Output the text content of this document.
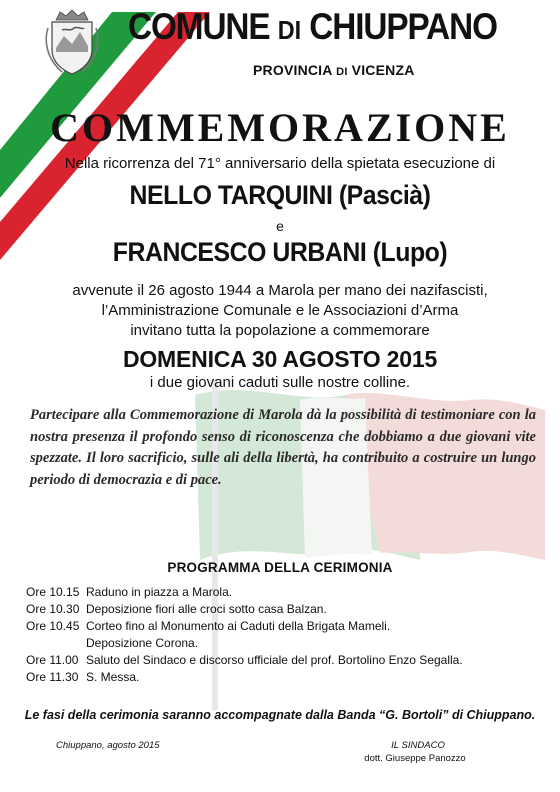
COMUNE DI CHIUPPANO
PROVINCIA DI VICENZA
COMMEMORAZIONE
Nella ricorrenza del 71° anniversario della spietata esecuzione di
NELLO TARQUINI (Pascià)
e
FRANCESCO URBANI (Lupo)
avvenute il 26 agosto 1944 a Marola per mano dei nazifascisti,
l’Amministrazione Comunale e le Associazioni d’Arma
invitano tutta la popolazione a commemorare
DOMENICA 30 AGOSTO 2015
i due giovani caduti sulle nostre colline.
Partecipare alla Commemorazione di Marola dà la possibilità di testimoniare con la nostra presenza il profondo senso di riconoscenza che dobbiamo a due giovani vite spezzate. Il loro sacrificio, sulle ali della libertà, ha contribuito a costruire un lungo periodo di democrazia e di pace.
PROGRAMMA DELLA CERIMONIA
Ore 10.15 Raduno in piazza a Marola.
Ore 10.30 Deposizione fiori alle croci sotto casa Balzan.
Ore 10.45 Corteo fino al Monumento ai Caduti della Brigata Mameli.
Deposizione Corona.
Ore 11.00 Saluto del Sindaco e discorso ufficiale del prof. Bortolino Enzo Segalla.
Ore 11.30 S. Messa.
Le fasi della cerimonia saranno accompagnate dalla Banda “G. Bortoli” di Chiuppano.
Chiuppano, agosto 2015	IL SINDACO
dott. Giuseppe Panozzo
